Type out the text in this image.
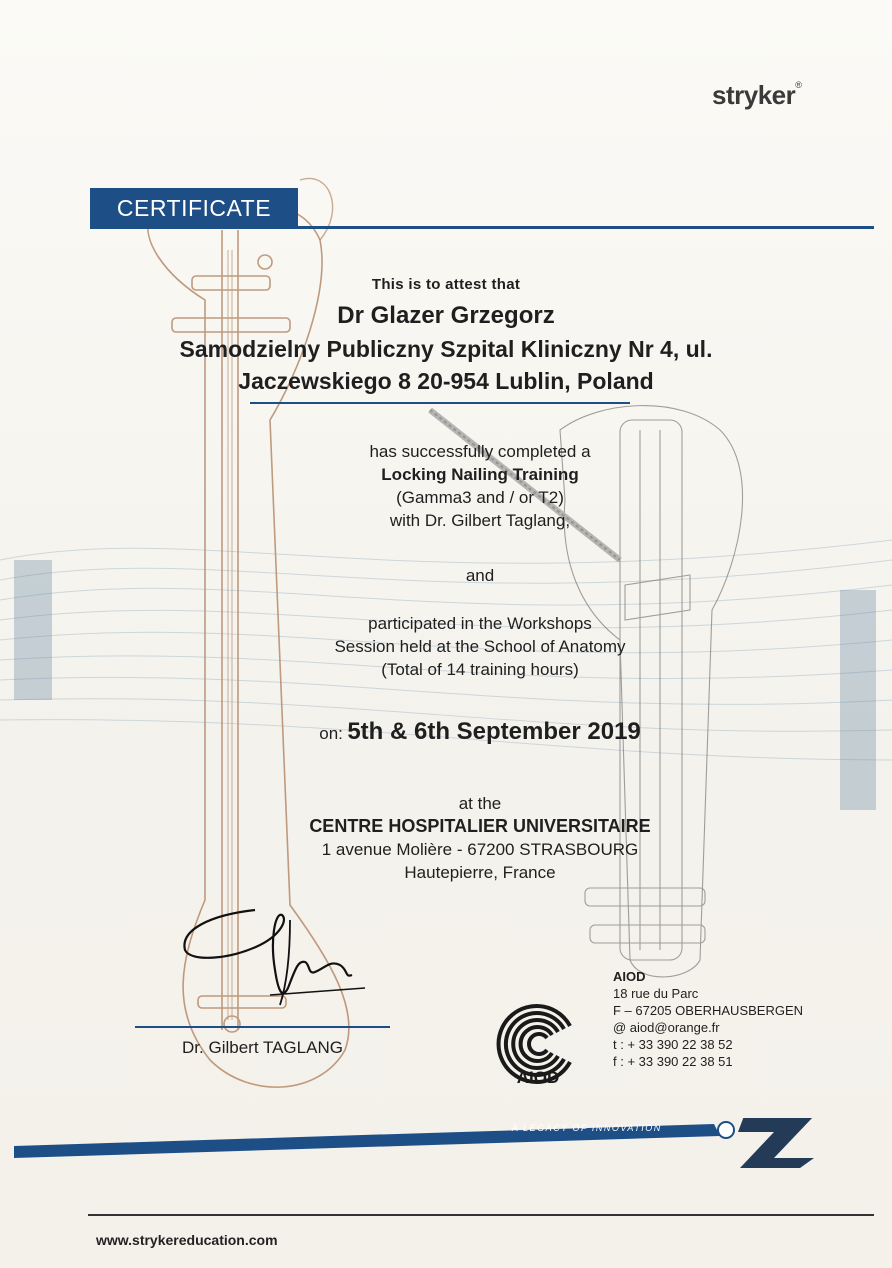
stryker®
CERTIFICATE
This is to attest that
Dr Glazer Grzegorz
Samodzielny Publiczny Szpital Kliniczny Nr 4, ul.
Jaczewskiego 8 20-954 Lublin, Poland
has successfully completed a
Locking Nailing Training
(Gamma3 and / or T2)
with Dr. Gilbert Taglang,
and
participated in the Workshops
Session held at the School of Anatomy
(Total of 14 training hours)
on: 5th & 6th September 2019
at the
CENTRE HOSPITALIER UNIVERSITAIRE
1 avenue Molière - 67200 STRASBOURG
Hautepierre, France
Dr. Gilbert TAGLANG
AIOD
AIOD
18 rue du Parc
F – 67205 OBERHAUSBERGEN
@ aiod@orange.fr
t : + 33 390 22 38 52
f : + 33 390 22 38 51
A LEGACY OF INNOVATION
www.strykereducation.com
